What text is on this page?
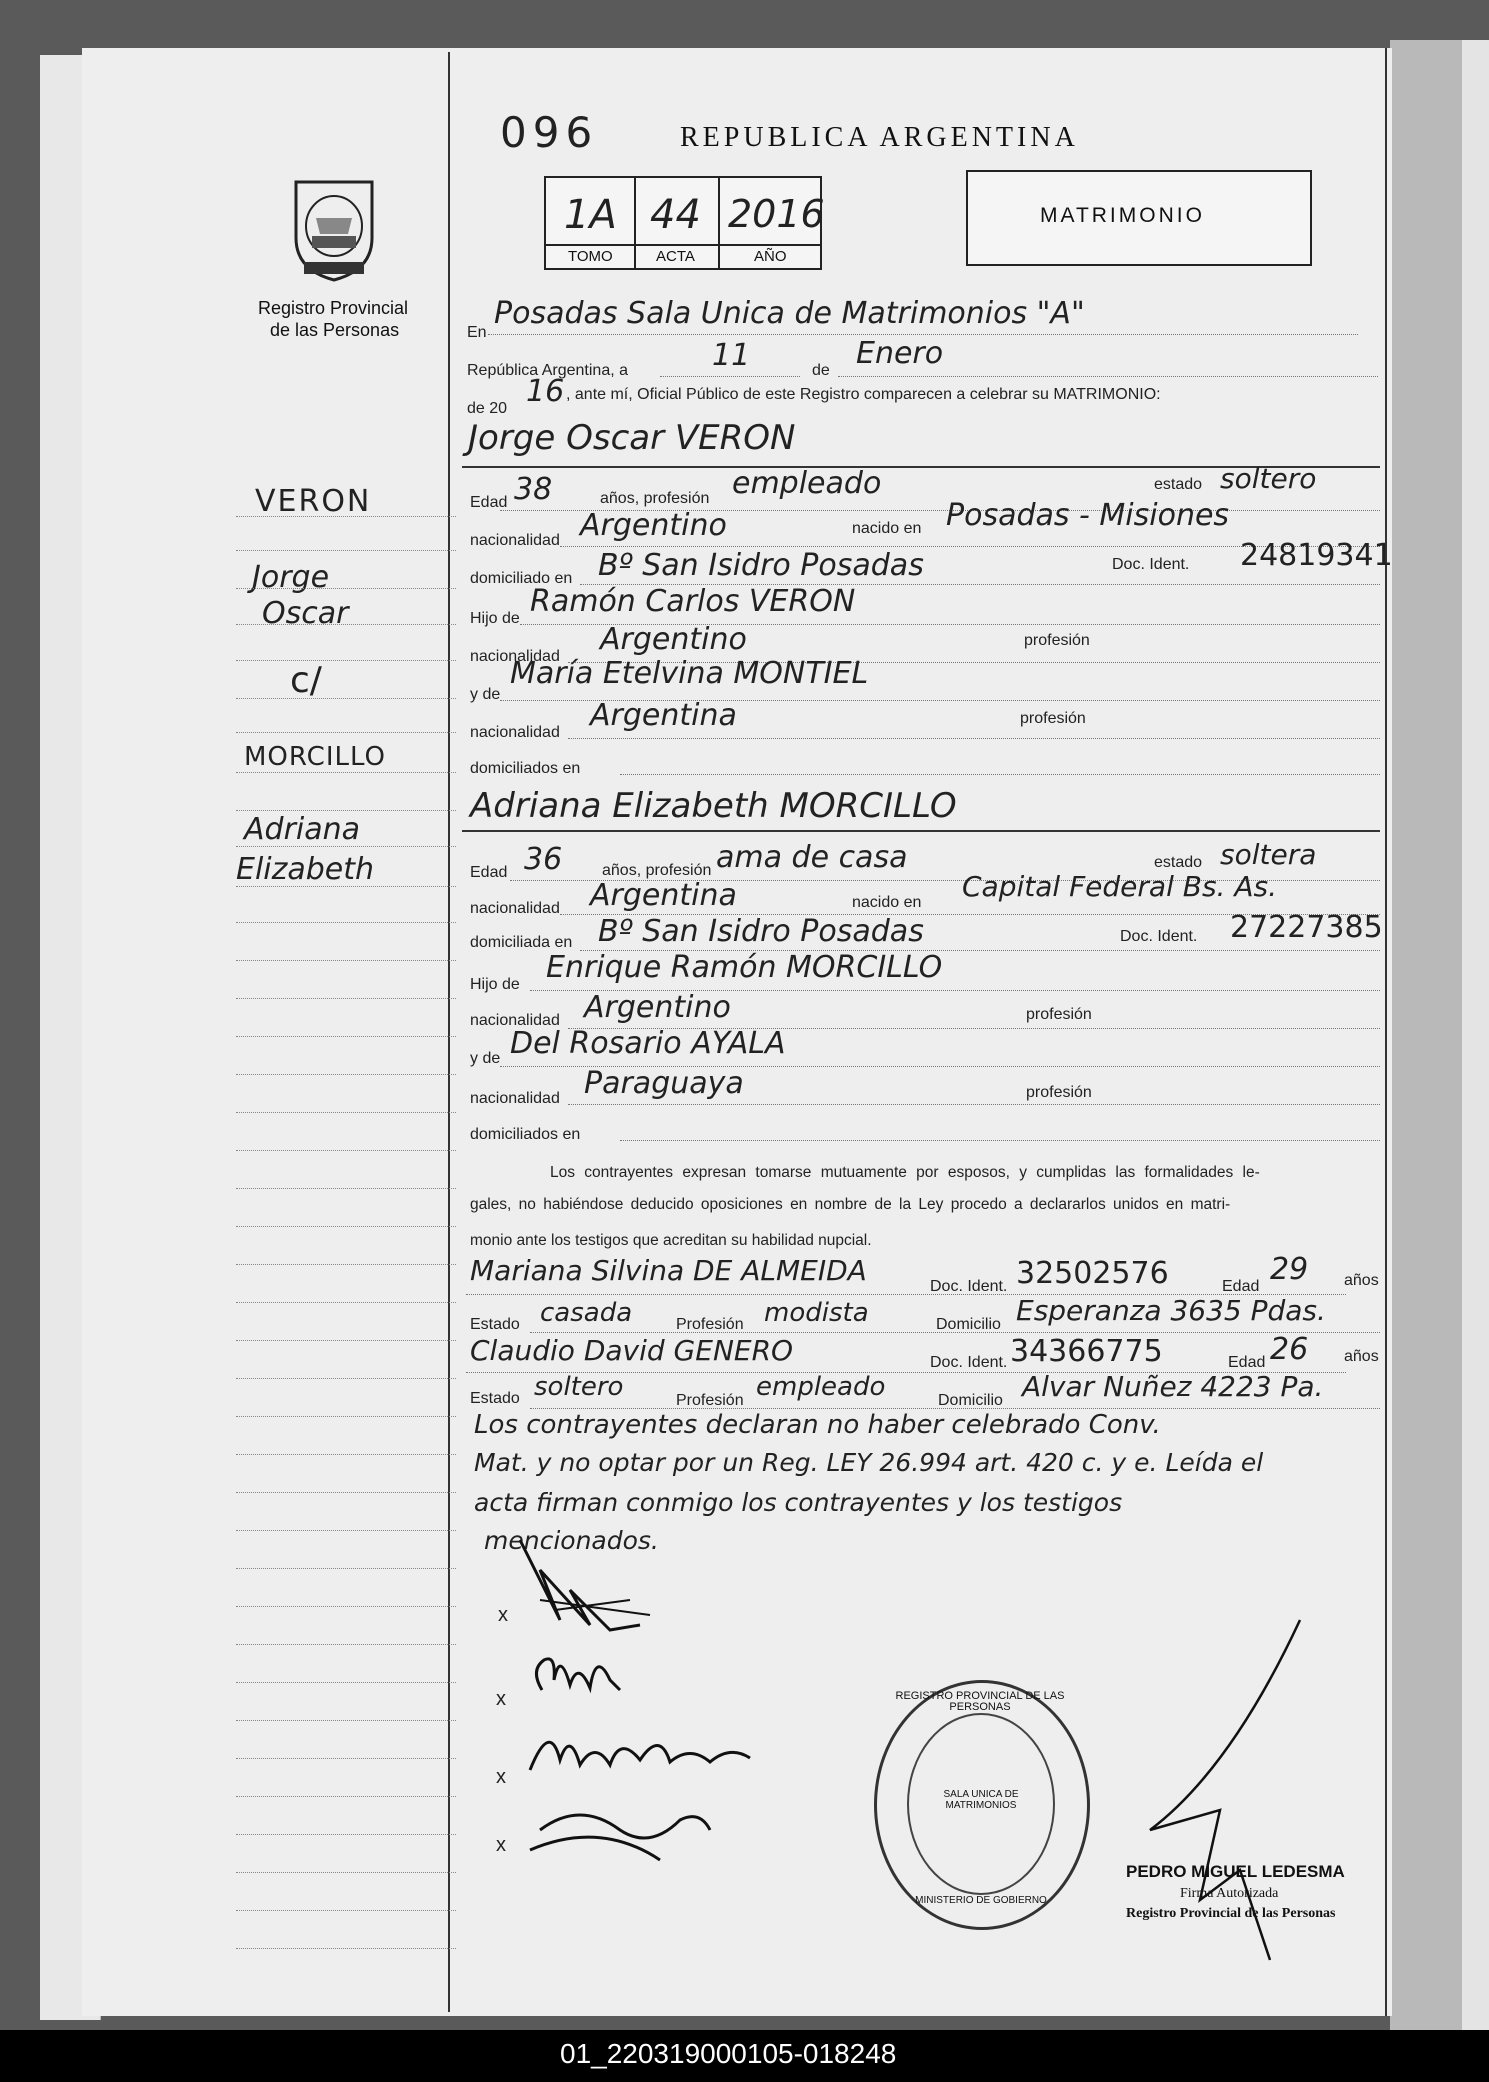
096	REPUBLICA ARGENTINA
1A 44 2016
TOMO	ACTA	AÑO
MATRIMONIO
Registro Provincial
de las Personas
VERON
Jorge
Oscar
c/
MORCILLO
Adriana
Elizabeth
En
Posadas Sala Unica de Matrimonios "A"
República Argentina, a	11	de Enero
de 20 16 , ante mí, Oficial Público de este Registro comparecen a celebrar su MATRIMONIO:
Jorge Oscar VERON
Edad 38	años, profesión empleado	estado soltero
nacionalidad Argentino	nacido en Posadas - Misiones
domiciliado en Bº San Isidro Posadas	Doc. Ident. 24819341
Hijo de Ramón Carlos VERON
nacionalidad Argentino	profesión
y de
María Etelvina MONTIEL
nacionalidad Argentina	profesión
domiciliados en
Adriana Elizabeth MORCILLO
Edad 36 años, profesión ama de casa	estado soltera
nacionalidad Argentina	nacido en Capital Federal Bs. As.
domiciliada en Bº San Isidro Posadas	Doc. Ident. 27227385
Hijo de Enrique Ramón MORCILLO
nacionalidad Argentino	profesión
y de Del Rosario AYALA
nacionalidad Paraguaya	profesión
domiciliados en
Los contrayentes expresan tomarse mutuamente por esposos, y cumplidas las formalidades le-
gales, no habiéndose deducido oposiciones en nombre de la Ley procedo a declararlos unidos en matri-
monio ante los testigos que acreditan su habilidad nupcial.
Mariana Silvina DE ALMEIDA	Doc. Ident. 32502576	Edad 29 años
Estado casada	Profesión modista	Domicilio Esperanza 3635 Pdas.
Claudio David GENERO	Doc. Ident. 34366775	Edad 26 años
Estado soltero	Profesión empleado	Domicilio Alvar Nuñez 4223 Pa.
Los contrayentes declaran no haber celebrado Conv.
Mat. y no optar por un Reg. LEY 26.994 art. 420 c. y e. Leída el
acta firman conmigo los contrayentes y los testigos
mencionados.
x
x
x
x
REGISTRO PROVINCIAL DE LAS PERSONAS
SALA UNICA DE MATRIMONIOS
MINISTERIO DE GOBIERNO
PEDRO MIGUEL LEDESMA
Firma Autorizada
Registro Provincial de las Personas
01_220319000105-018248
